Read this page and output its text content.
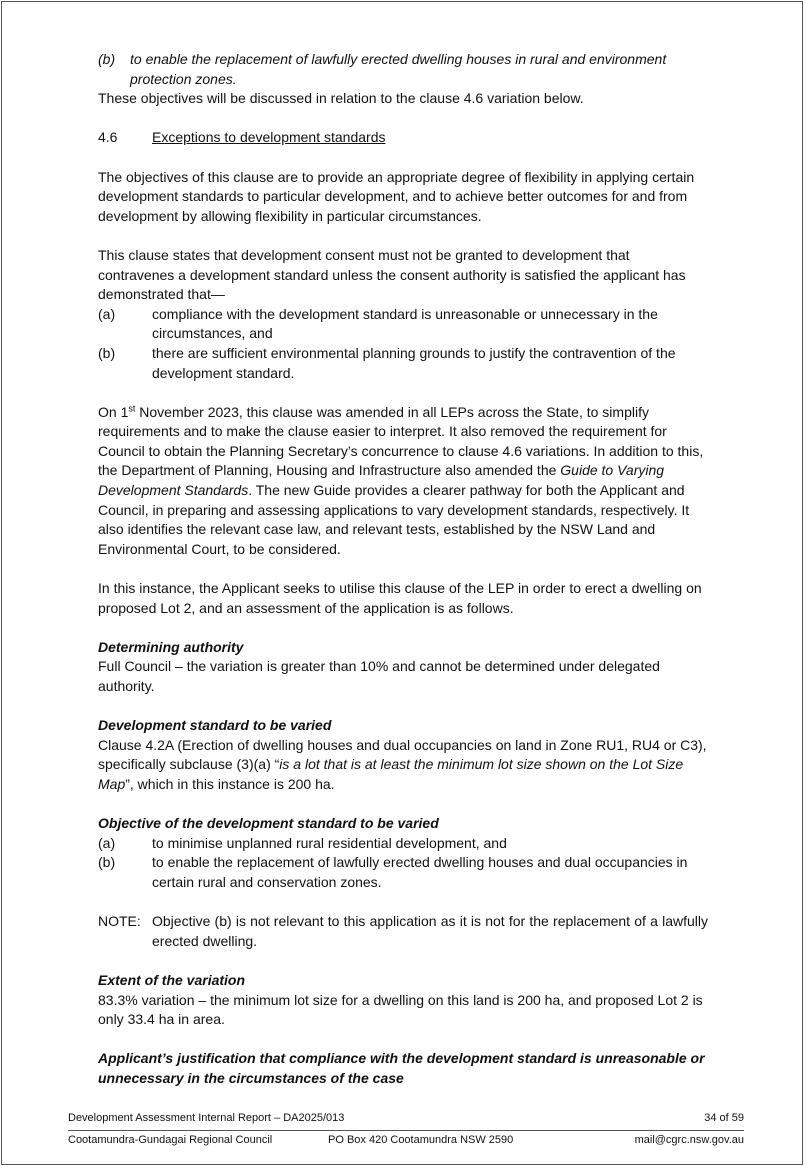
(b)	to enable the replacement of lawfully erected dwelling houses in rural and environment protection zones.

These objectives will be discussed in relation to the clause 4.6 variation below.

4.6	Exceptions to development standards

The objectives of this clause are to provide an appropriate degree of flexibility in applying certain development standards to particular development, and to achieve better outcomes for and from development by allowing flexibility in particular circumstances.

This clause states that development consent must not be granted to development that contravenes a development standard unless the consent authority is satisfied the applicant has demonstrated that—

(a)	compliance with the development standard is unreasonable or unnecessary in the circumstances, and
(b)	there are sufficient environmental planning grounds to justify the contravention of the development standard.

On 1st November 2023, this clause was amended in all LEPs across the State, to simplify requirements and to make the clause easier to interpret. It also removed the requirement for Council to obtain the Planning Secretary’s concurrence to clause 4.6 variations. In addition to this, the Department of Planning, Housing and Infrastructure also amended the Guide to Varying Development Standards. The new Guide provides a clearer pathway for both the Applicant and Council, in preparing and assessing applications to vary development standards, respectively. It also identifies the relevant case law, and relevant tests, established by the NSW Land and Environmental Court, to be considered.

In this instance, the Applicant seeks to utilise this clause of the LEP in order to erect a dwelling on proposed Lot 2, and an assessment of the application is as follows.

Determining authority

Full Council – the variation is greater than 10% and cannot be determined under delegated authority.

Development standard to be varied

Clause 4.2A (Erection of dwelling houses and dual occupancies on land in Zone RU1, RU4 or C3), specifically subclause (3)(a) “is a lot that is at least the minimum lot size shown on the Lot Size Map”, which in this instance is 200 ha.

Objective of the development standard to be varied

(a)	to minimise unplanned rural residential development, and
(b)	to enable the replacement of lawfully erected dwelling houses and dual occupancies in certain rural and conservation zones.
NOTE: Objective (b) is not relevant to this application as it is not for the replacement of a lawfully erected dwelling.

Extent of the variation

83.3% variation – the minimum lot size for a dwelling on this land is 200 ha, and proposed Lot 2 is only 33.4 ha in area.

Applicant’s justification that compliance with the development standard is unreasonable or unnecessary in the circumstances of the case

Development Assessment Internal Report – DA2025/013	34 of 59
Cootamundra-Gundagai Regional Council	PO Box 420 Cootamundra NSW 2590	mail@cgrc.nsw.gov.au
